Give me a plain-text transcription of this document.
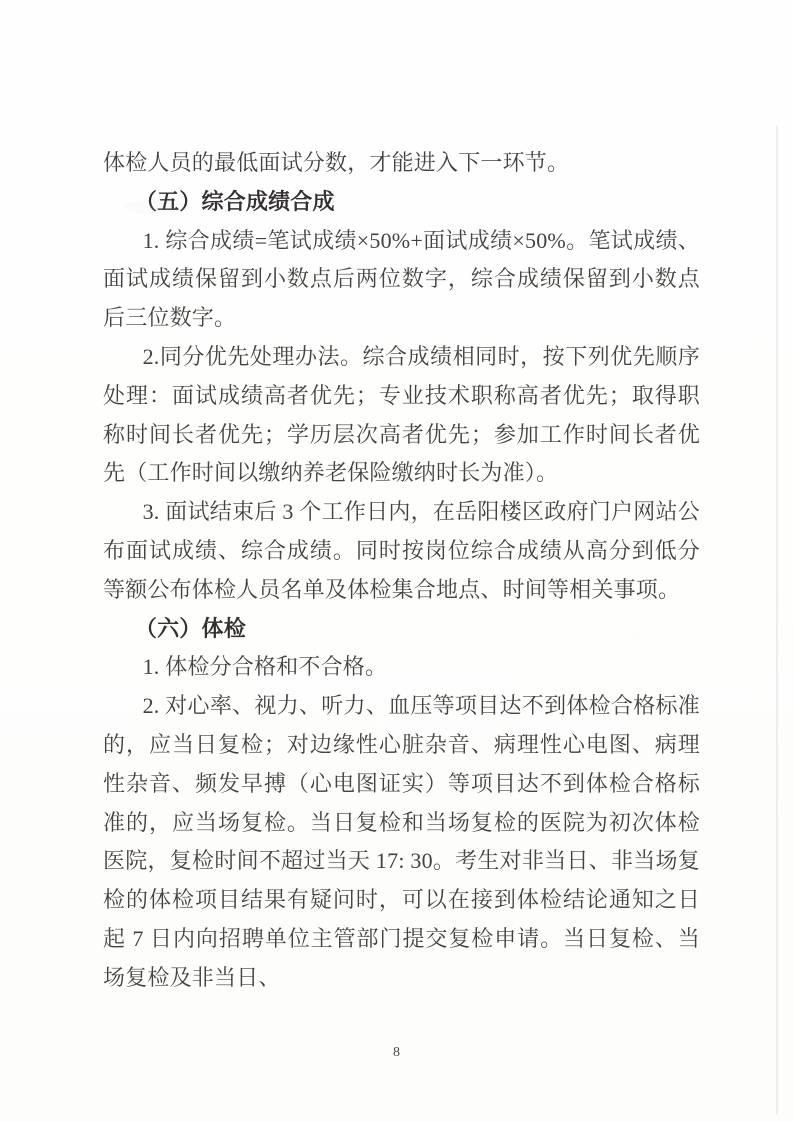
体检人员的最低面试分数，才能进入下一环节。

（五）综合成绩合成

1. 综合成绩=笔试成绩×50%+面试成绩×50%。笔试成绩、面试成绩保留到小数点后两位数字，综合成绩保留到小数点后三位数字。

2.同分优先处理办法。综合成绩相同时，按下列优先顺序处理：面试成绩高者优先；专业技术职称高者优先；取得职称时间长者优先；学历层次高者优先；参加工作时间长者优先（工作时间以缴纳养老保险缴纳时长为准）。

3. 面试结束后 3 个工作日内，在岳阳楼区政府门户网站公布面试成绩、综合成绩。同时按岗位综合成绩从高分到低分等额公布体检人员名单及体检集合地点、时间等相关事项。

（六）体检

1. 体检分合格和不合格。

2. 对心率、视力、听力、血压等项目达不到体检合格标准的，应当日复检；对边缘性心脏杂音、病理性心电图、病理性杂音、频发早搏（心电图证实）等项目达不到体检合格标准的，应当场复检。当日复检和当场复检的医院为初次体检医院，复检时间不超过当天 17: 30。考生对非当日、非当场复检的体检项目结果有疑问时，可以在接到体检结论通知之日起 7 日内向招聘单位主管部门提交复检申请。当日复检、当场复检及非当日、

8
